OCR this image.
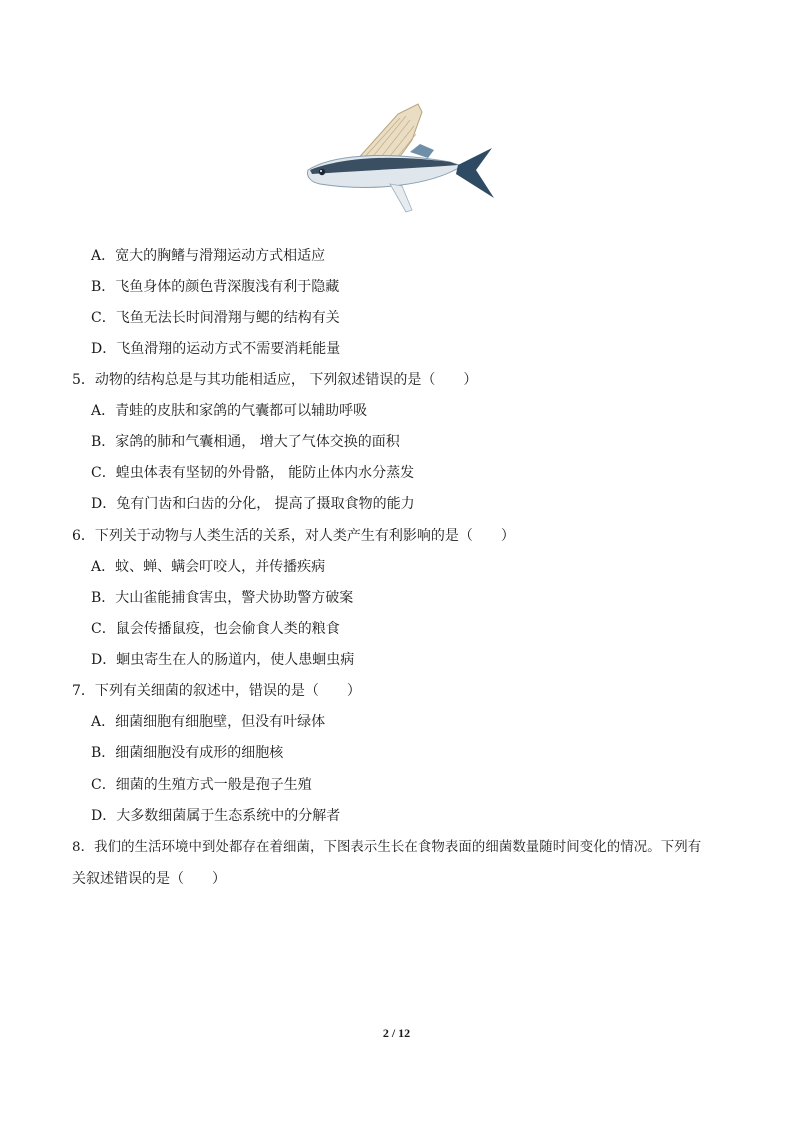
A．宽大的胸鳍与滑翔运动方式相适应
B．飞鱼身体的颜色背深腹浅有利于隐藏
C．飞鱼无法长时间滑翔与鳃的结构有关
D．飞鱼滑翔的运动方式不需要消耗能量
5．动物的结构总是与其功能相适应， 下列叙述错误的是（　　）
A．青蛙的皮肤和家鸽的气囊都可以辅助呼吸
B．家鸽的肺和气囊相通， 增大了气体交换的面积
C．蝗虫体表有坚韧的外骨骼， 能防止体内水分蒸发
D．兔有门齿和臼齿的分化， 提高了摄取食物的能力
6．下列关于动物与人类生活的关系，对人类产生有利影响的是（　　）
A．蚊、蝉、螨会叮咬人，并传播疾病
B．大山雀能捕食害虫，警犬协助警方破案
C．鼠会传播鼠疫，也会偷食人类的粮食
D．蛔虫寄生在人的肠道内，使人患蛔虫病
7．下列有关细菌的叙述中，错误的是（　　）
A．细菌细胞有细胞壁，但没有叶绿体
B．细菌细胞没有成形的细胞核
C．细菌的生殖方式一般是孢子生殖
D．大多数细菌属于生态系统中的分解者
8．我们的生活环境中到处都存在着细菌，下图表示生长在食物表面的细菌数量随时间变化的情况。下列有
关叙述错误的是（　　）
2 / 12
